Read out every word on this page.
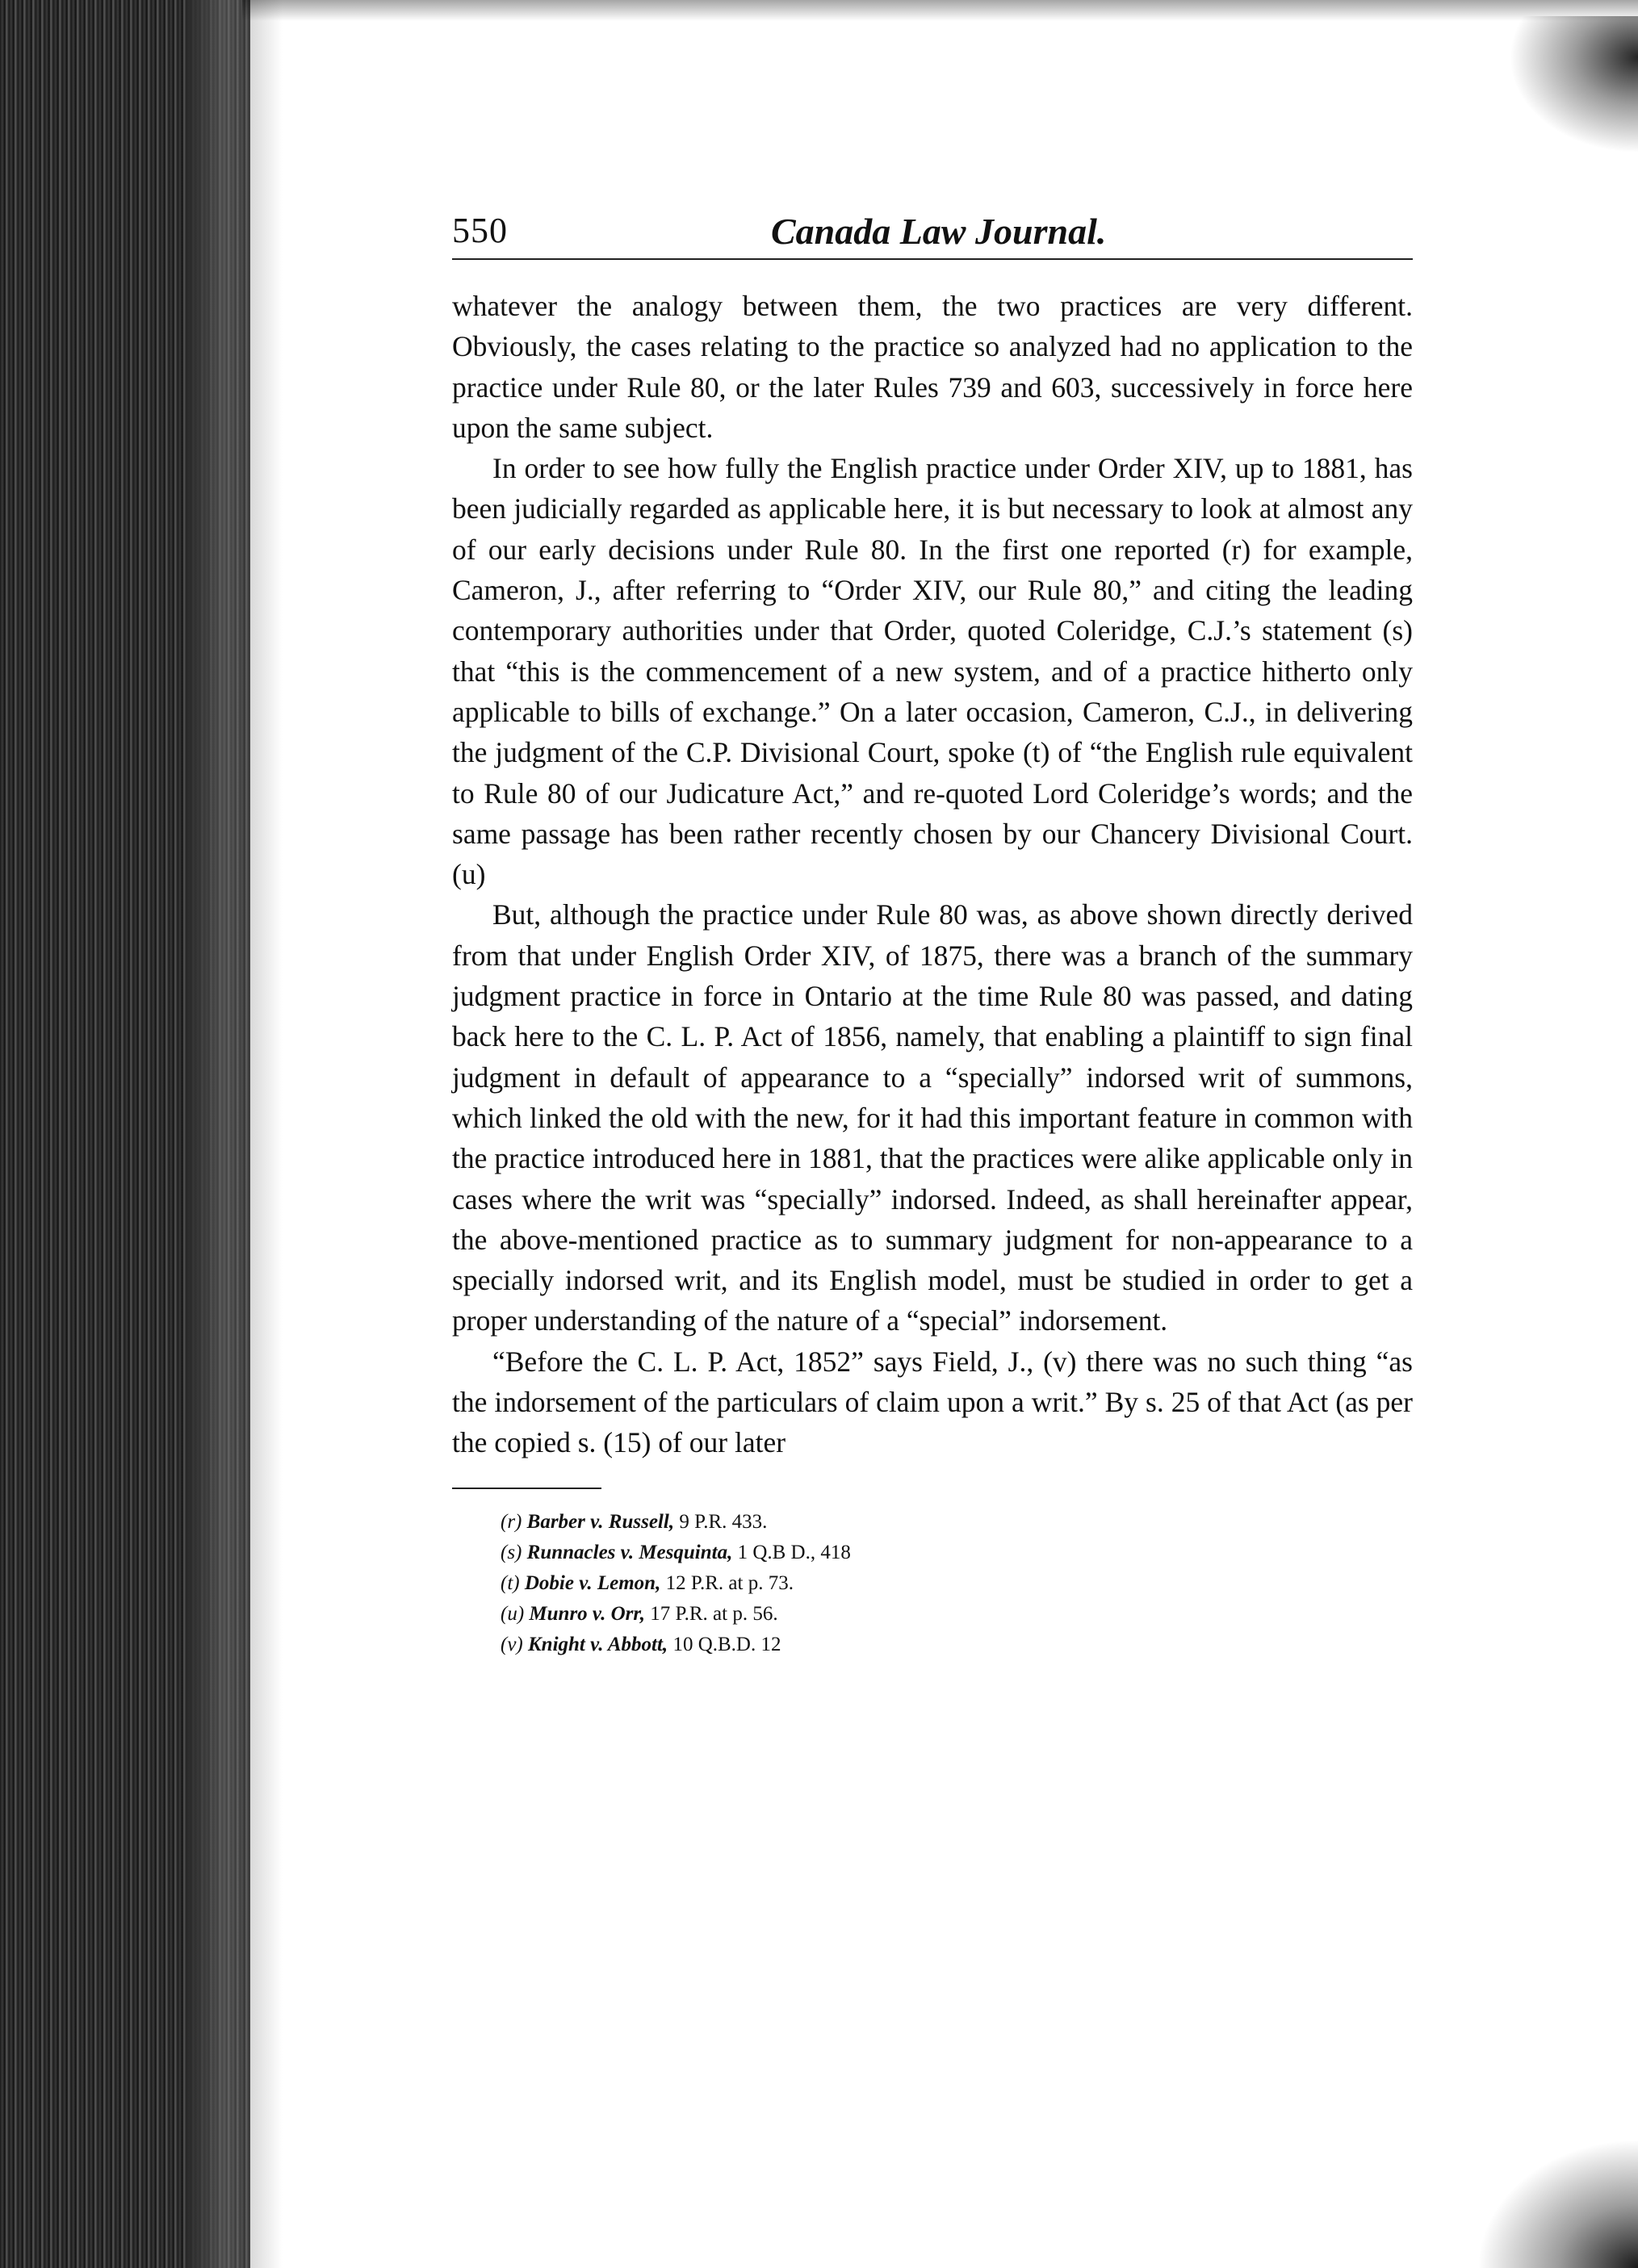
550	Canada Law Journal.

whatever the analogy between them, the two practices are very different. Obviously, the cases relating to the practice so analyzed had no application to the practice under Rule 80, or the later Rules 739 and 603, successively in force here upon the same subject.

In order to see how fully the English practice under Order XIV, up to 1881, has been judicially regarded as applicable here, it is but necessary to look at almost any of our early decisions under Rule 80. In the first one reported (r) for example, Cameron, J., after referring to “Order XIV, our Rule 80,” and citing the leading contemporary authorities under that Order, quoted Coleridge, C.J.’s statement (s) that “this is the commencement of a new system, and of a practice hitherto only applicable to bills of exchange.” On a later occasion, Cameron, C.J., in delivering the judgment of the C.P. Divisional Court, spoke (t) of “the English rule equivalent to Rule 80 of our Judicature Act,” and re-quoted Lord Coleridge’s words; and the same passage has been rather recently chosen by our Chancery Divisional Court. (u)

But, although the practice under Rule 80 was, as above shown directly derived from that under English Order XIV, of 1875, there was a branch of the summary judgment practice in force in Ontario at the time Rule 80 was passed, and dating back here to the C. L. P. Act of 1856, namely, that enabling a plaintiff to sign final judgment in default of appearance to a “specially” indorsed writ of summons, which linked the old with the new, for it had this important feature in common with the practice introduced here in 1881, that the practices were alike applicable only in cases where the writ was “specially” indorsed. Indeed, as shall hereinafter appear, the above-mentioned practice as to summary judgment for non-appearance to a specially indorsed writ, and its English model, must be studied in order to get a proper understanding of the nature of a “special” indorsement.

“Before the C. L. P. Act, 1852” says Field, J., (v) there was no such thing “as the indorsement of the particulars of claim upon a writ.” By s. 25 of that Act (as per the copied s. (15) of our later

(r) Barber v. Russell, 9 P.R. 433.
(s) Runnacles v. Mesquinta, 1 Q.B D., 418
(t) Dobie v. Lemon, 12 P.R. at p. 73.
(u) Munro v. Orr, 17 P.R. at p. 56.
(v) Knight v. Abbott, 10 Q.B.D. 12
